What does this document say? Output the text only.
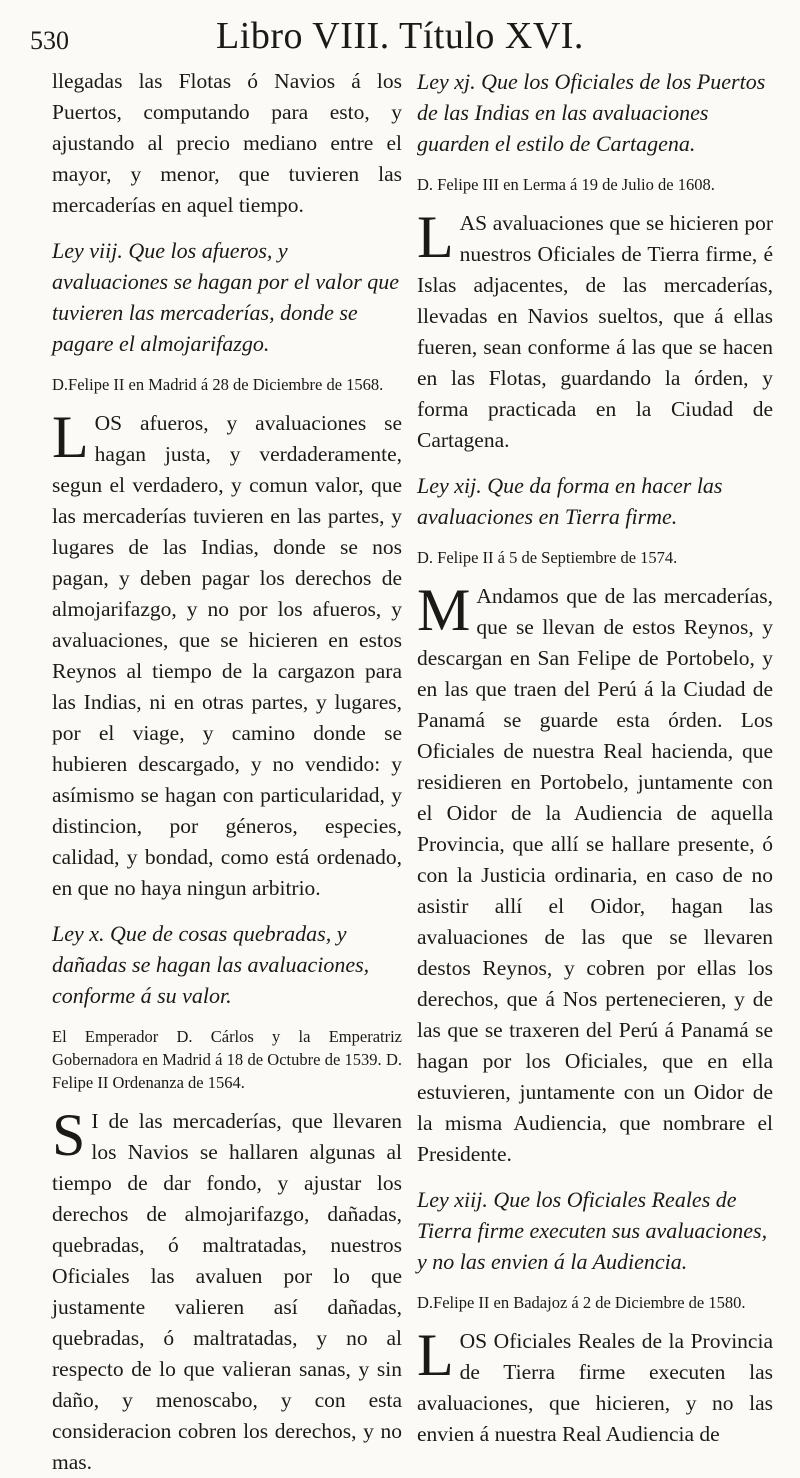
530	Libro VIII. Título XVI.

llegadas las Flotas ó Navios á los Puertos, computando para esto, y ajustando al precio mediano entre el mayor, y menor, que tuvieren las mercaderías en aquel tiempo.

Ley viij. Que los afueros, y avaluaciones se hagan por el valor que tuvieren las mercaderías, donde se pagare el almojarifazgo.
D.Felipe II en Madrid á 28 de Diciembre de 1568.

LOS afueros, y avaluaciones se hagan justa, y verdaderamente, segun el verdadero, y comun valor, que las mercaderías tuvieren en las partes, y lugares de las Indias, donde se nos pagan, y deben pagar los derechos de almojarifazgo, y no por los afueros, y avaluaciones, que se hicieren en estos Reynos al tiempo de la cargazon para las Indias, ni en otras partes, y lugares, por el viage, y camino donde se hubieren descargado, y no vendido: y asímismo se hagan con particularidad, y distincion, por géneros, especies, calidad, y bondad, como está ordenado, en que no haya ningun arbitrio.

Ley x. Que de cosas quebradas, y dañadas se hagan las avaluaciones, conforme á su valor.
El Emperador D. Cárlos y la Emperatriz Gobernadora en Madrid á 18 de Octubre de 1539. D. Felipe II Ordenanza de 1564.

S I de las mercaderías, que llevaren los Navios se hallaren algunas al tiempo de dar fondo, y ajustar los derechos de almojarifazgo, dañadas, quebradas, ó maltratadas, nuestros Oficiales las avaluen por lo que justamente valieren así dañadas, quebradas, ó maltratadas, y no al respecto de lo que valieran sanas, y sin daño, y menoscabo, y con esta consideracion cobren los derechos, y no mas.

Ley xj. Que los Oficiales de los Puertos de las Indias en las avaluaciones guarden el estilo de Cartagena.
D. Felipe III en Lerma á 19 de Julio de 1608.

LAS avaluaciones que se hicieren por nuestros Oficiales de Tierra firme, é Islas adjacentes, de las mercaderías, llevadas en Navios sueltos, que á ellas fueren, sean conforme á las que se hacen en las Flotas, guardando la órden, y forma practicada en la Ciudad de Cartagena.

Ley xij. Que da forma en hacer las avaluaciones en Tierra firme.
D. Felipe II á 5 de Septiembre de 1574.

M Andamos que de las mercaderías, que se llevan de estos Reynos, y descargan en San Felipe de Portobelo, y en las que traen del Perú á la Ciudad de Panamá se guarde esta órden. Los Oficiales de nuestra Real hacienda, que residieren en Portobelo, juntamente con el Oidor de la Audiencia de aquella Provincia, que allí se hallare presente, ó con la Justicia ordinaria, en caso de no asistir allí el Oidor, hagan las avaluaciones de las que se llevaren destos Reynos, y cobren por ellas los derechos, que á Nos pertenecieren, y de las que se traxeren del Perú á Panamá se hagan por los Oficiales, que en ella estuvieren, juntamente con un Oidor de la misma Audiencia, que nombrare el Presidente.

Ley xiij. Que los Oficiales Reales de Tierra firme executen sus avaluaciones, y no las envien á la Audiencia.
D.Felipe II en Badajoz á 2 de Diciembre de 1580.

LOS Oficiales Reales de la Provincia de Tierra firme executen las avaluaciones, que hicieren, y no las envien á nuestra Real Audiencia de
